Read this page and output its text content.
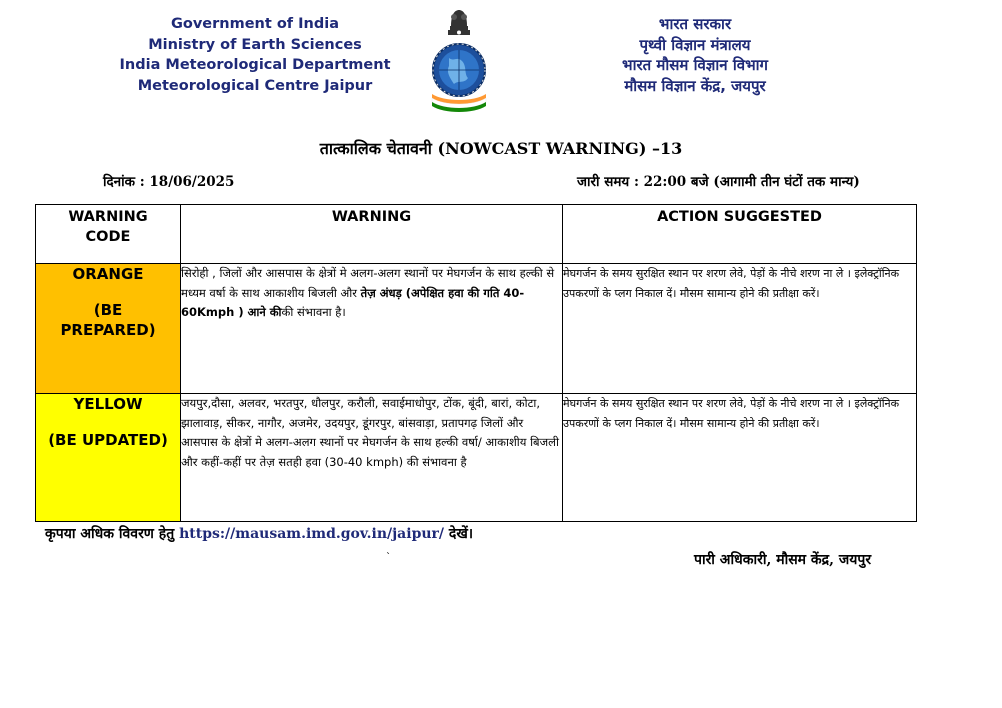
Government of India
Ministry of Earth Sciences
India Meteorological Department
Meteorological Centre Jaipur
भारत सरकार
पृथ्वी विज्ञान मंत्रालय
भारत मौसम विज्ञान विभाग
मौसम विज्ञान केंद्र, जयपुर
तात्कालिक चेतावनी (NOWCAST WARNING) –13
दिनांक : 18/06/2025	जारी समय : 22:00 बजे (आगामी तीन घंटों तक मान्य)
WARNING
CODE	WARNING	ACTION SUGGESTED

ORANGE
(BE
PREPARED)	सिरोही , जिलों और आसपास के क्षेत्रों मे अलग-अलग स्थानों पर मेघगर्जन के साथ हल्की से मध्यम वर्षा के साथ आकाशीय बिजली और तेज़ अंधड़ (अपेक्षित हवा की गति 40-60Kmph ) आने कीकी संभावना है।	मेघगर्जन के समय सुरक्षित स्थान पर शरण लेवे, पेड़ों के नीचे शरण ना ले । इलेक्ट्रॉनिक उपकरणों के प्लग निकाल दें। मौसम सामान्य होने की प्रतीक्षा करें।

YELLOW
(BE UPDATED)	जयपुर,दौसा, अलवर, भरतपुर, धौलपुर, करौली, सवाईमाधोपुर, टोंक, बूंदी, बारां, कोटा, झालावाड़, सीकर, नागौर, अजमेर, उदयपुर, डूंगरपुर, बांसवाड़ा, प्रतापगढ़ जिलों और आसपास के क्षेत्रों मे अलग-अलग स्थानों पर मेघगर्जन के साथ हल्की वर्षा/ आकाशीय बिजली और कहीं-कहीं पर तेज़ सतही हवा (30-40 kmph) की संभावना है	मेघगर्जन के समय सुरक्षित स्थान पर शरण लेवे, पेड़ों के नीचे शरण ना ले । इलेक्ट्रॉनिक उपकरणों के प्लग निकाल दें। मौसम सामान्य होने की प्रतीक्षा करें।
कृपया अधिक विवरण हेतु https://mausam.imd.gov.in/jaipur/ देखें।
`	पारी अधिकारी, मौसम केंद्र, जयपुर
